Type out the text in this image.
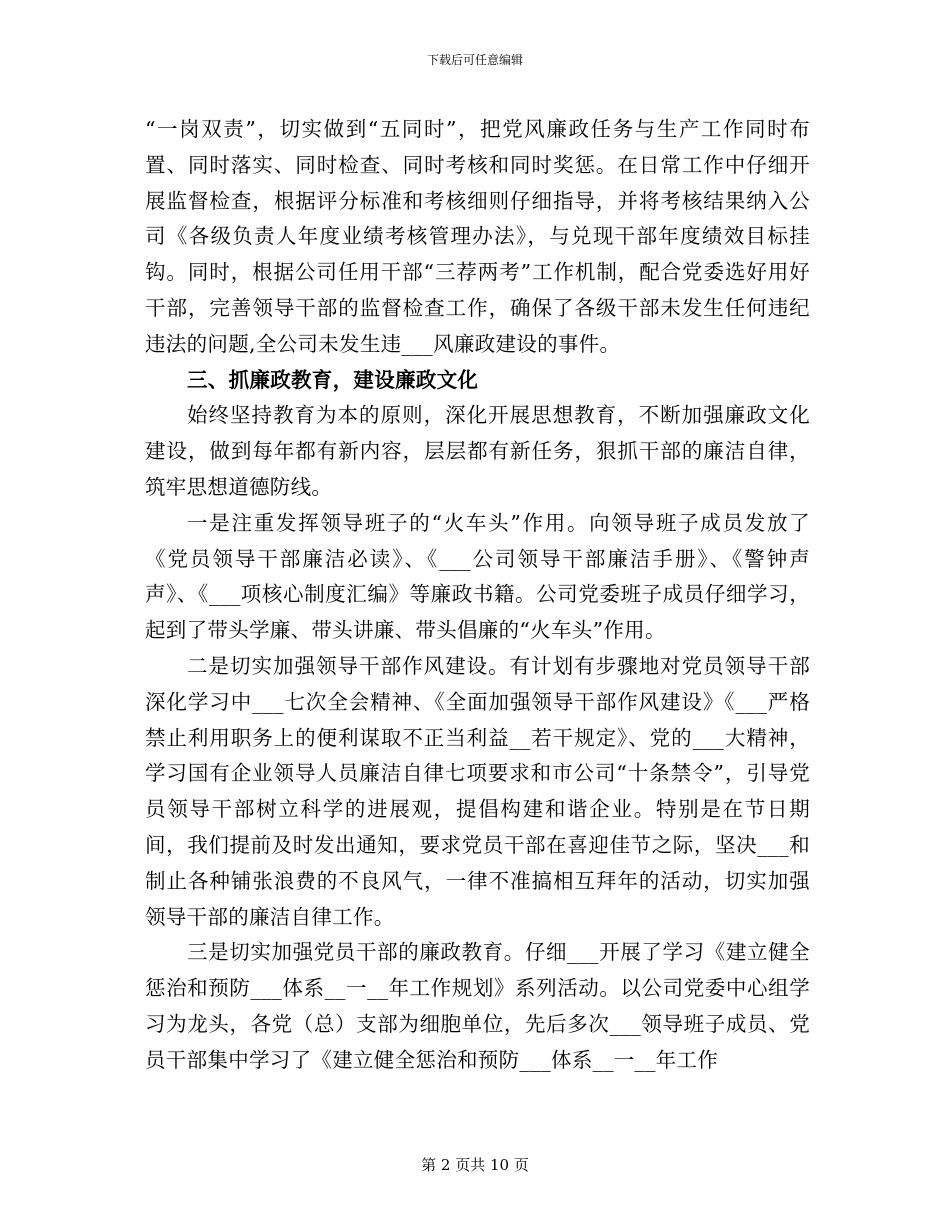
下载后可任意编辑

“一岗双责”，切实做到“五同时”，把党风廉政任务与生产工作同时布置、同时落实、同时检查、同时考核和同时奖惩。在日常工作中仔细开展监督检查，根据评分标准和考核细则仔细指导，并将考核结果纳入公司《各级负责人年度业绩考核管理办法》，与兑现干部年度绩效目标挂钩。同时，根据公司任用干部“三荐两考”工作机制，配合党委选好用好干部，完善领导干部的监督检查工作，确保了各级干部未发生任何违纪违法的问题,全公司未发生违___风廉政建设的事件。

三、抓廉政教育，建设廉政文化

始终坚持教育为本的原则，深化开展思想教育，不断加强廉政文化建设，做到每年都有新内容，层层都有新任务，狠抓干部的廉洁自律，筑牢思想道德防线。

一是注重发挥领导班子的“火车头”作用。向领导班子成员发放了《党员领导干部廉洁必读》、《___公司领导干部廉洁手册》、《警钟声声》、《___项核心制度汇编》等廉政书籍。公司党委班子成员仔细学习，起到了带头学廉、带头讲廉、带头倡廉的“火车头”作用。

二是切实加强领导干部作风建设。有计划有步骤地对党员领导干部深化学习中___七次全会精神、《全面加强领导干部作风建设》《___严格禁止利用职务上的便利谋取不正当利益__若干规定》、党的___大精神，学习国有企业领导人员廉洁自律七项要求和市公司“十条禁令”，引导党员领导干部树立科学的进展观，提倡构建和谐企业。特别是在节日期间，我们提前及时发出通知，要求党员干部在喜迎佳节之际，坚决___和制止各种铺张浪费的不良风气，一律不准搞相互拜年的活动，切实加强领导干部的廉洁自律工作。

三是切实加强党员干部的廉政教育。仔细___开展了学习《建立健全惩治和预防___体系__一__年工作规划》系列活动。以公司党委中心组学习为龙头，各党（总）支部为细胞单位，先后多次___领导班子成员、党员干部集中学习了《建立健全惩治和预防___体系__一__年工作

第 2 页共 10 页
